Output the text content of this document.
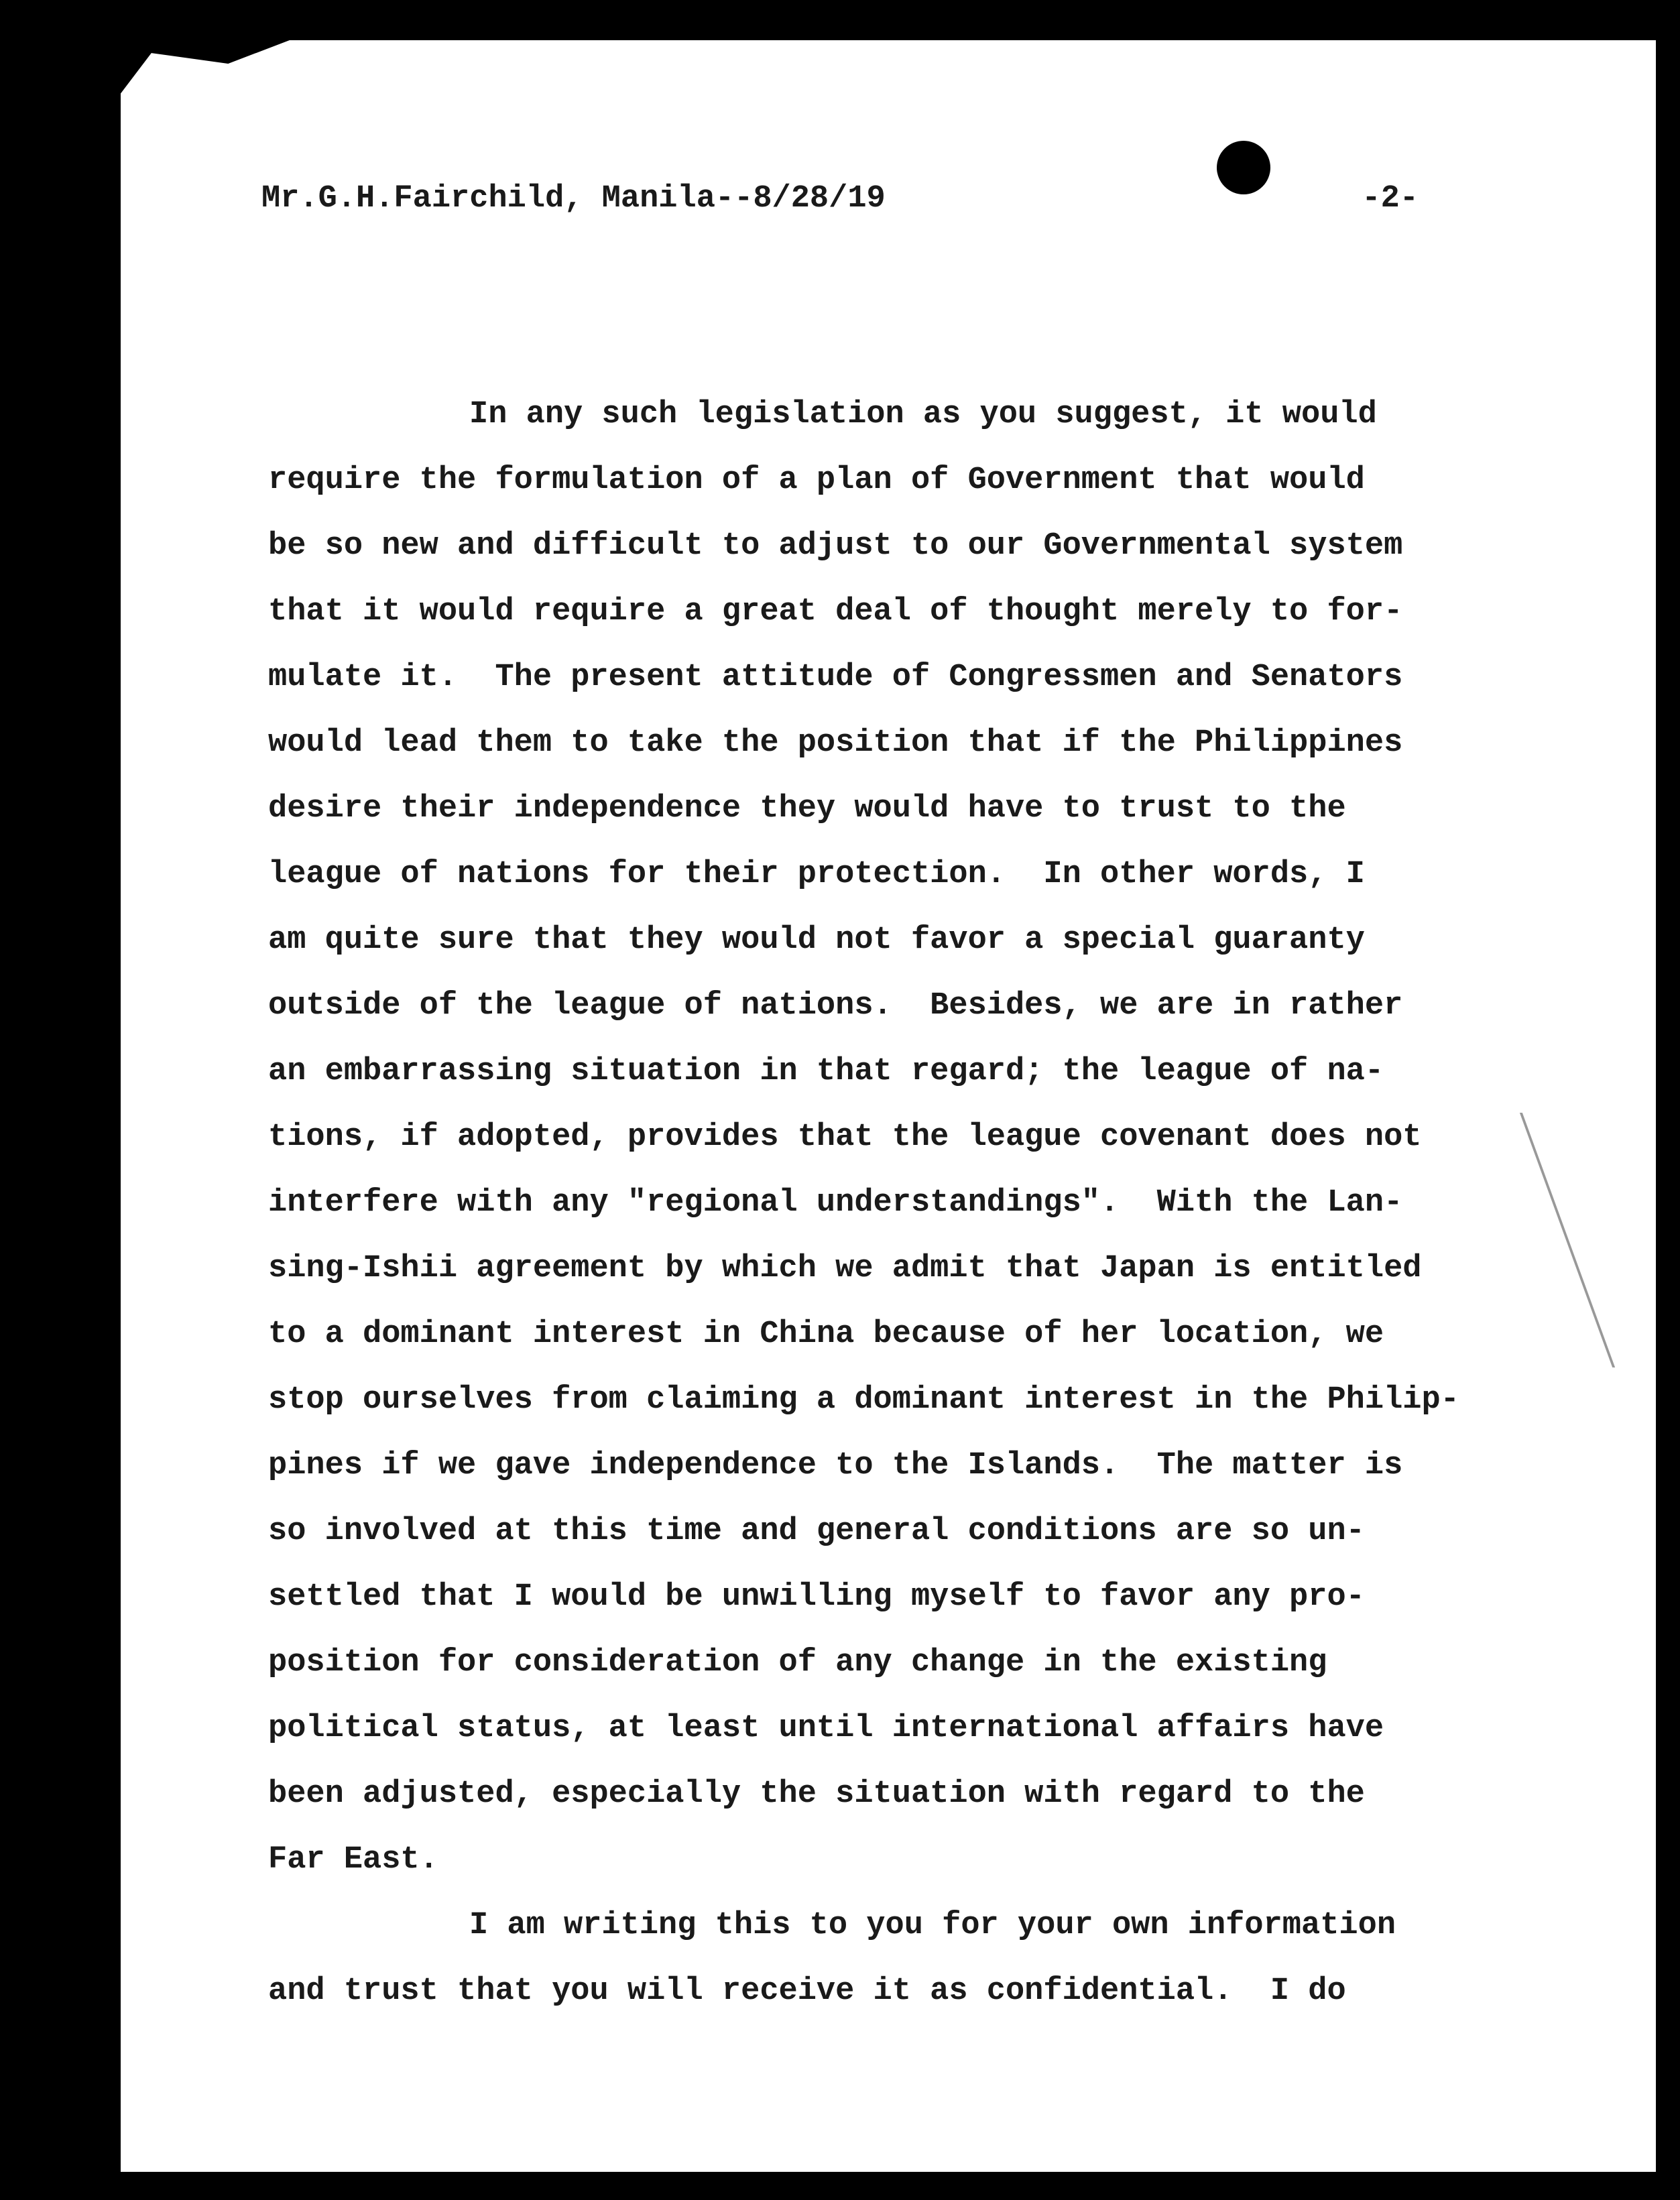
Mr.G.H.Fairchild, Manila--8/28/19	-2-
In any such legislation as you suggest, it would
require the formulation of a plan of Government that would
be so new and difficult to adjust to our Governmental system
that it would require a great deal of thought merely to for-
mulate it.  The present attitude of Congressmen and Senators
would lead them to take the position that if the Philippines
desire their independence they would have to trust to the
league of nations for their protection.  In other words, I
am quite sure that they would not favor a special guaranty
outside of the league of nations.  Besides, we are in rather
an embarrassing situation in that regard; the league of na-
tions, if adopted, provides that the league covenant does not
interfere with any "regional understandings".  With the Lan-
sing-Ishii agreement by which we admit that Japan is entitled
to a dominant interest in China because of her location, we
stop ourselves from claiming a dominant interest in the Philip-
pines if we gave independence to the Islands.  The matter is
so involved at this time and general conditions are so un-
settled that I would be unwilling myself to favor any pro-
position for consideration of any change in the existing
political status, at least until international affairs have
been adjusted, especially the situation with regard to the
Far East.
I am writing this to you for your own information
and trust that you will receive it as confidential.  I do
